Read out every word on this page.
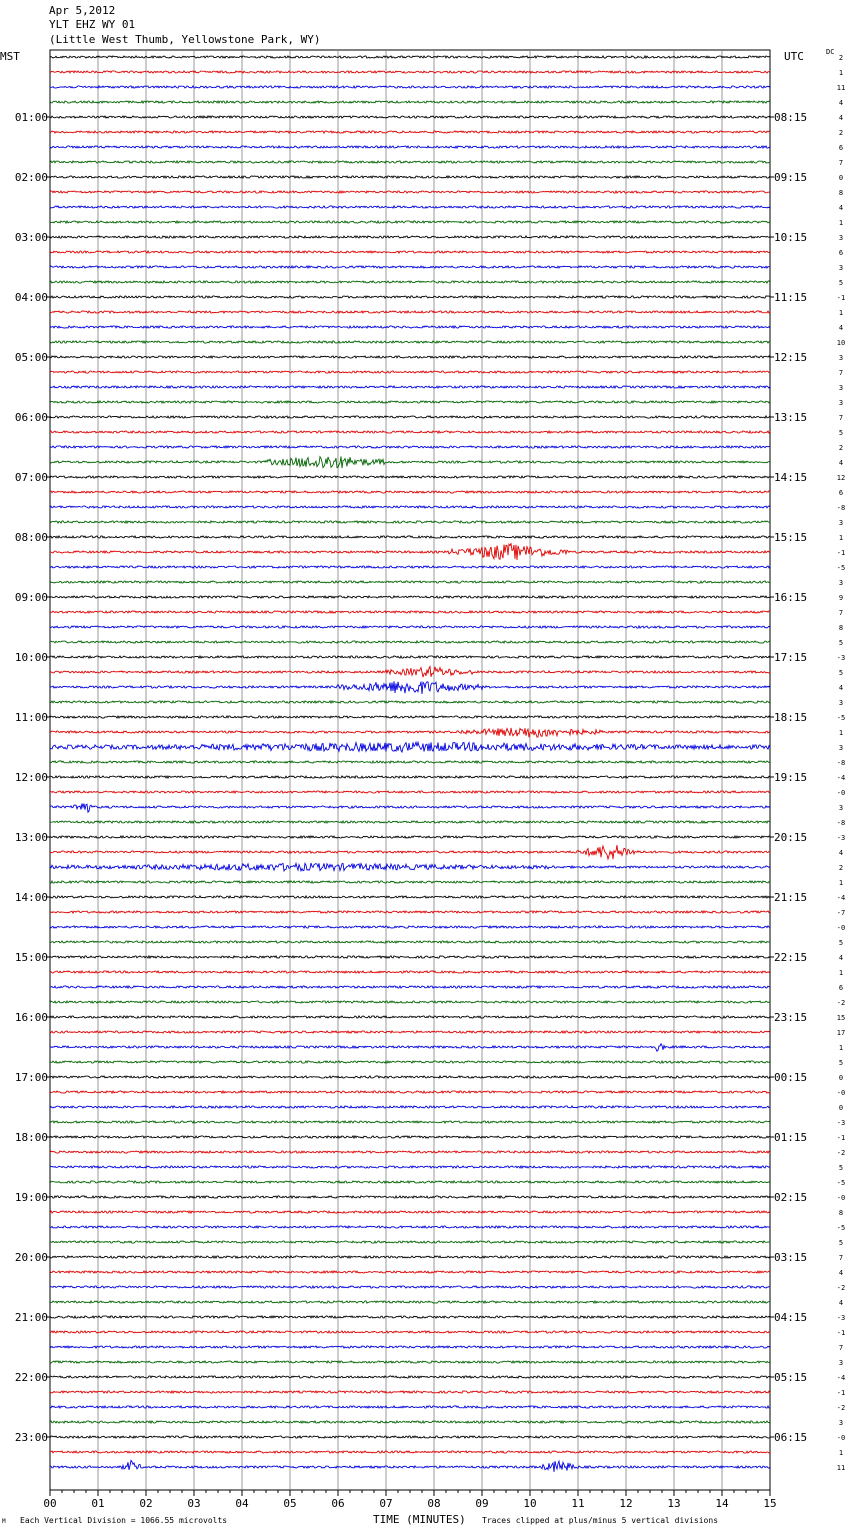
Apr 5,2012
YLT EHZ WY 01
(Little West Thumb, Yellowstone Park, WY)
MST	UTC	DC
00	01	02	03	04	05	06	07	08	09	10	11	12	13	14	15
2
1
11
4
4
2
6
7
0
8
4
1
3
6
3
5
-1
1
4
10
3
7
3
3
7
5
2
4
12
6
-8
3
1
-1
-5
3
9
7
8
5
-3
5
4
3
-5
1
3
-8
-4
-0
3
-8
-3
4
2
1
-4
-7
-0
5
4
1
6
-2
15
17
1
5
0
-0
0
-3
-1
-2
5
-5
-0
8
-5
5
7
4
-2
4
-3
-1
7
3
-4
-1
-2
3
-0
1
11
01:00
02:00
03:00
04:00
05:00
06:00
07:00
08:00
09:00
10:00
11:00
12:00
13:00
14:00
15:00
16:00
17:00
18:00
19:00
20:00
21:00
22:00
23:00
08:15
09:15
10:15
11:15
12:15
13:15
14:15
15:15
16:15
17:15
18:15
19:15
20:15
21:15
22:15
23:15
00:15
01:15
02:15
03:15
04:15
05:15
06:15
M Each Vertical Division = 1066.55 microvolts	TIME (MINUTES) Traces clipped at plus/minus 5 vertical divisions
